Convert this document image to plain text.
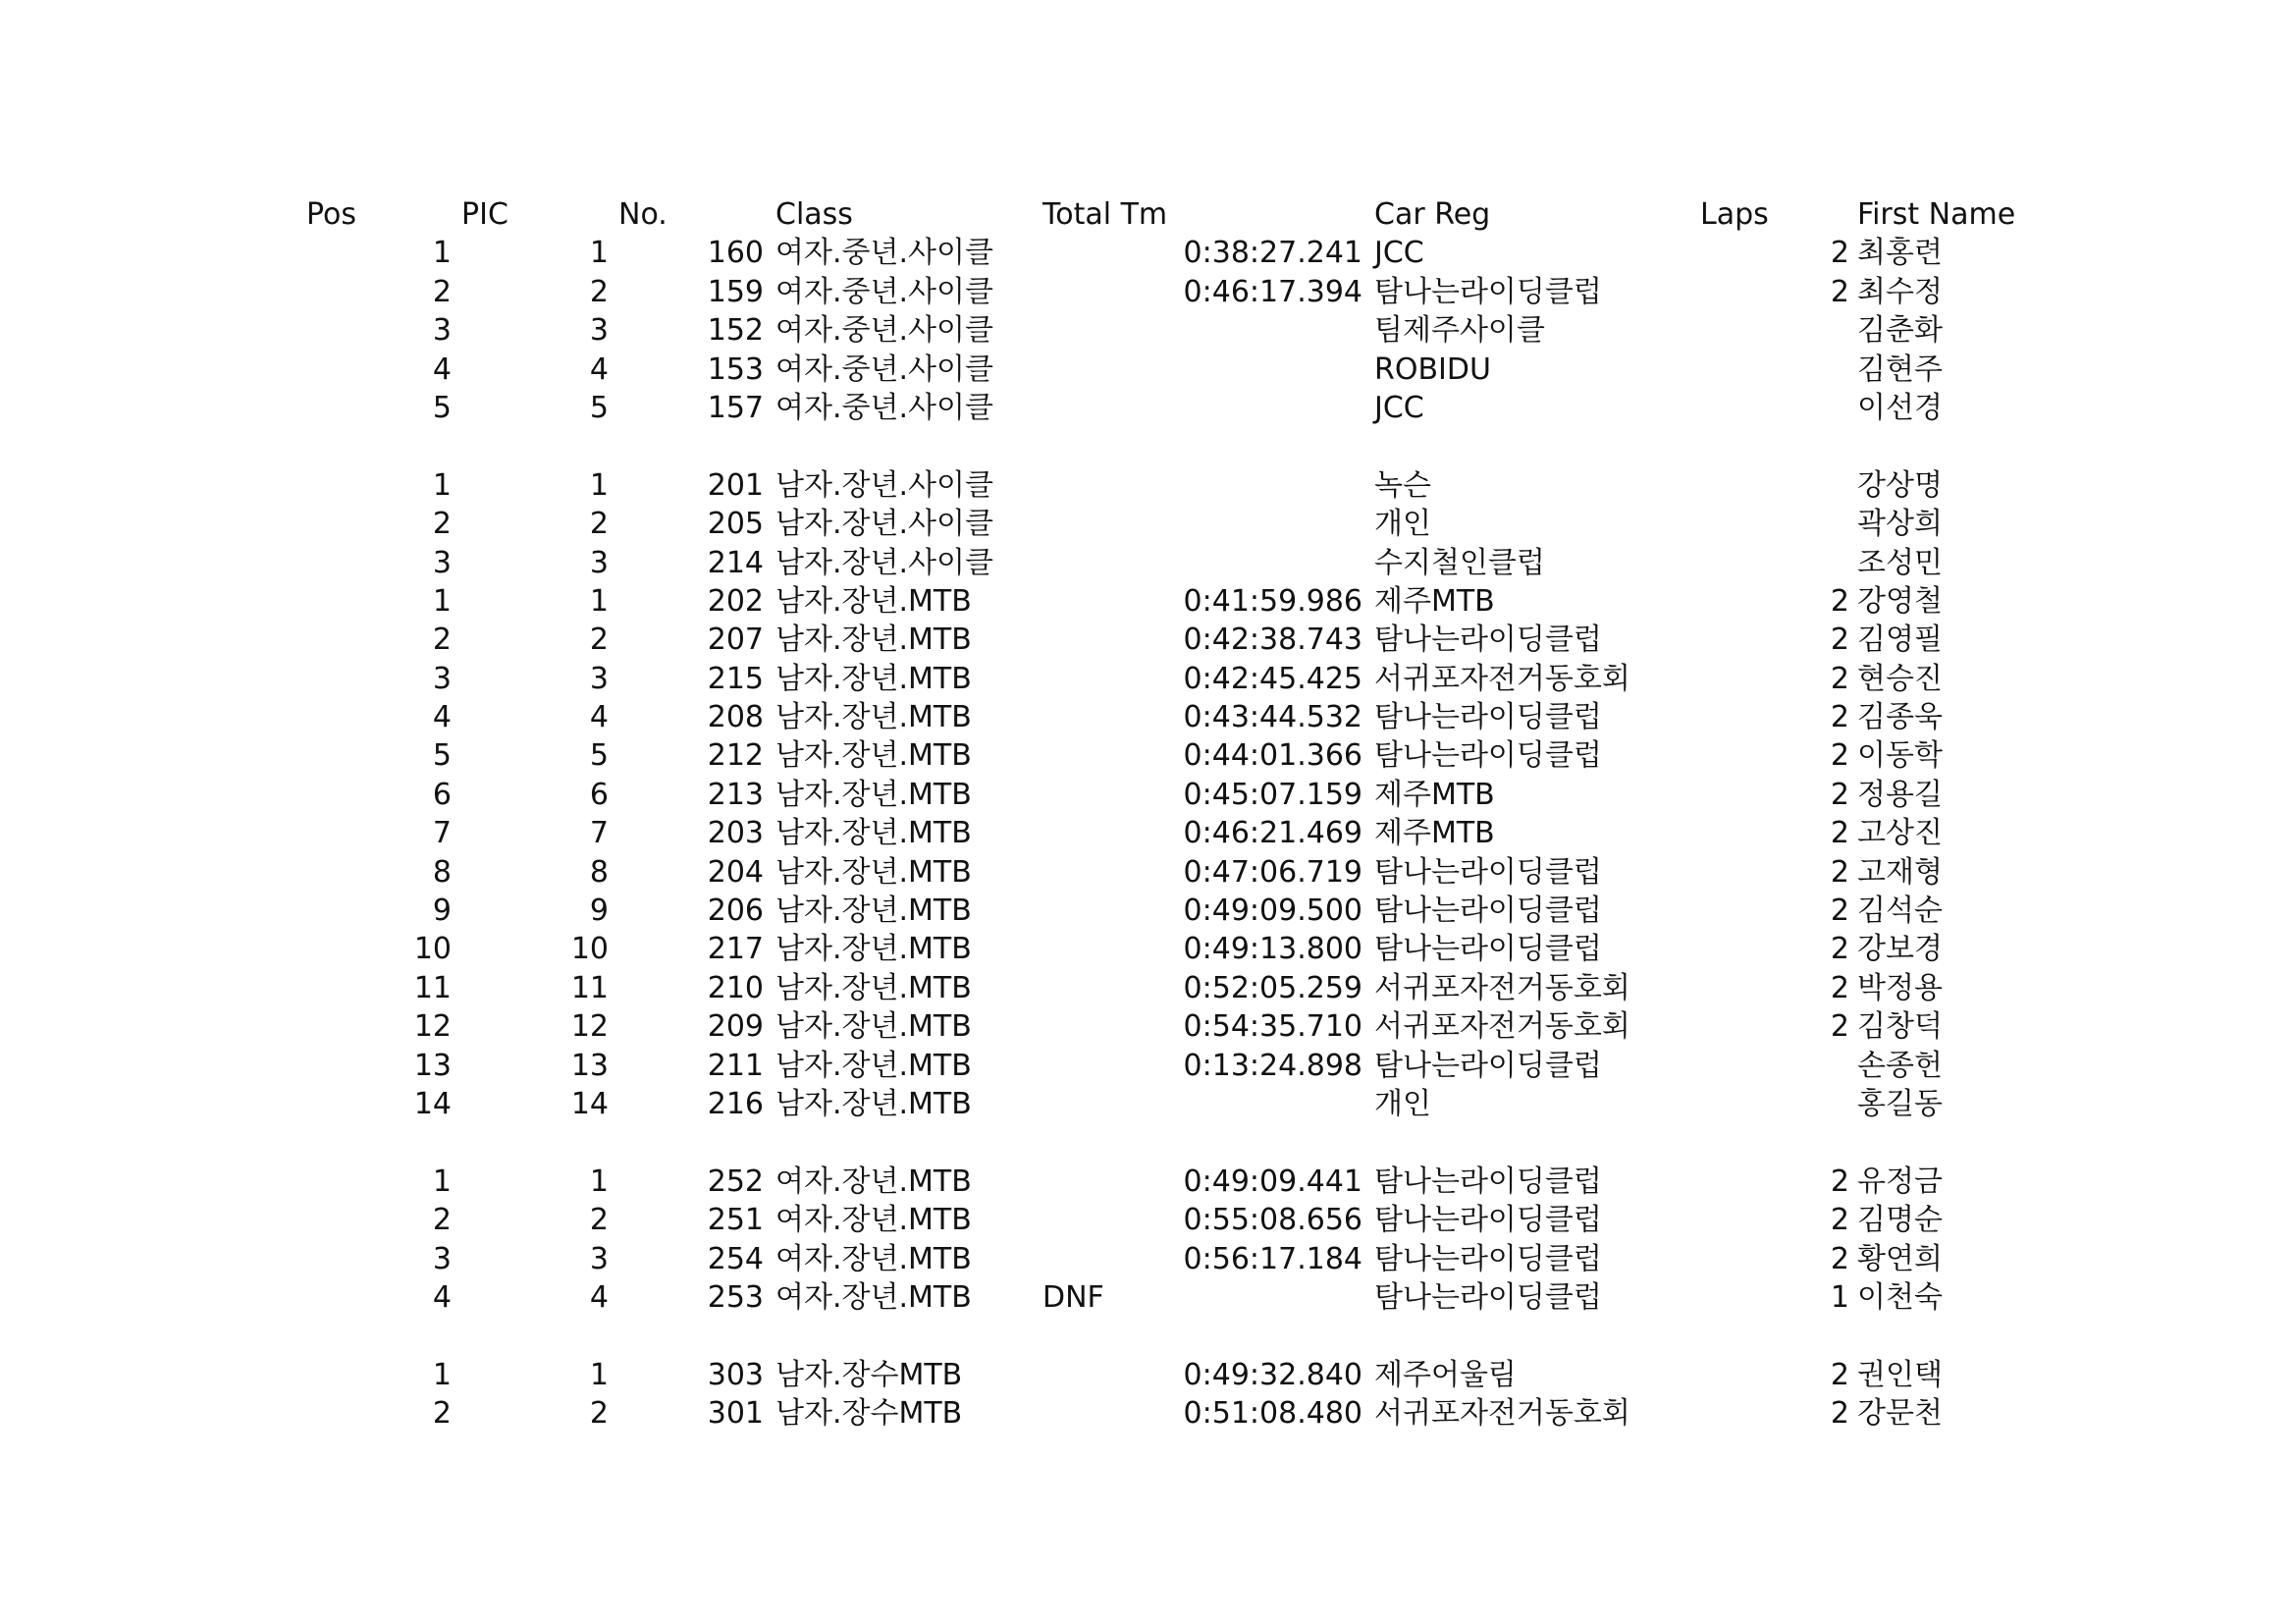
Pos	PIC	No.	Class	Total Tm	Car Reg	Laps	First Name
1	1	160 여자.중년.사이클	0:38:27.241 JCC	2 최홍련
2	2	159 여자.중년.사이클	0:46:17.394 탐나는라이딩클럽	2 최수정
3	3	152 여자.중년.사이클	팀제주사이클	김춘화
4	4	153 여자.중년.사이클	ROBIDU	김현주
5	5	157 여자.중년.사이클	JCC	이선경
1	1	201 남자.장년.사이클	녹슨	강상명
2	2	205 남자.장년.사이클	개인	곽상희
3	3	214 남자.장년.사이클	수지철인클럽	조성민
1	1	202 남자.장년.MTB	0:41:59.986 제주MTB	2 강영철
2	2	207 남자.장년.MTB	0:42:38.743 탐나는라이딩클럽	2 김영필
3	3	215 남자.장년.MTB	0:42:45.425 서귀포자전거동호회	2 현승진
4	4	208 남자.장년.MTB	0:43:44.532 탐나는라이딩클럽	2 김종욱
5	5	212 남자.장년.MTB	0:44:01.366 탐나는라이딩클럽	2 이동학
6	6	213 남자.장년.MTB	0:45:07.159 제주MTB	2 정용길
7	7	203 남자.장년.MTB	0:46:21.469 제주MTB	2 고상진
8	8	204 남자.장년.MTB	0:47:06.719 탐나는라이딩클럽	2 고재형
9	9	206 남자.장년.MTB	0:49:09.500 탐나는라이딩클럽	2 김석순
10	10	217 남자.장년.MTB	0:49:13.800 탐나는라이딩클럽	2 강보경
11	11	210 남자.장년.MTB	0:52:05.259 서귀포자전거동호회	2 박정용
12	12	209 남자.장년.MTB	0:54:35.710 서귀포자전거동호회	2 김창덕
13	13	211 남자.장년.MTB	0:13:24.898 탐나는라이딩클럽	손종헌
14	14	216 남자.장년.MTB	개인	홍길동
1	1	252 여자.장년.MTB	0:49:09.441 탐나는라이딩클럽	2 유정금
2	2	251 여자.장년.MTB	0:55:08.656 탐나는라이딩클럽	2 김명순
3	3	254 여자.장년.MTB	0:56:17.184 탐나는라이딩클럽	2 황연희
4	4	253 여자.장년.MTB DNF	탐나는라이딩클럽	1 이천숙
1	1	303 남자.장수MTB	0:49:32.840 제주어울림	2 권인택
2	2	301 남자.장수MTB	0:51:08.480 서귀포자전거동호회	2 강문천
